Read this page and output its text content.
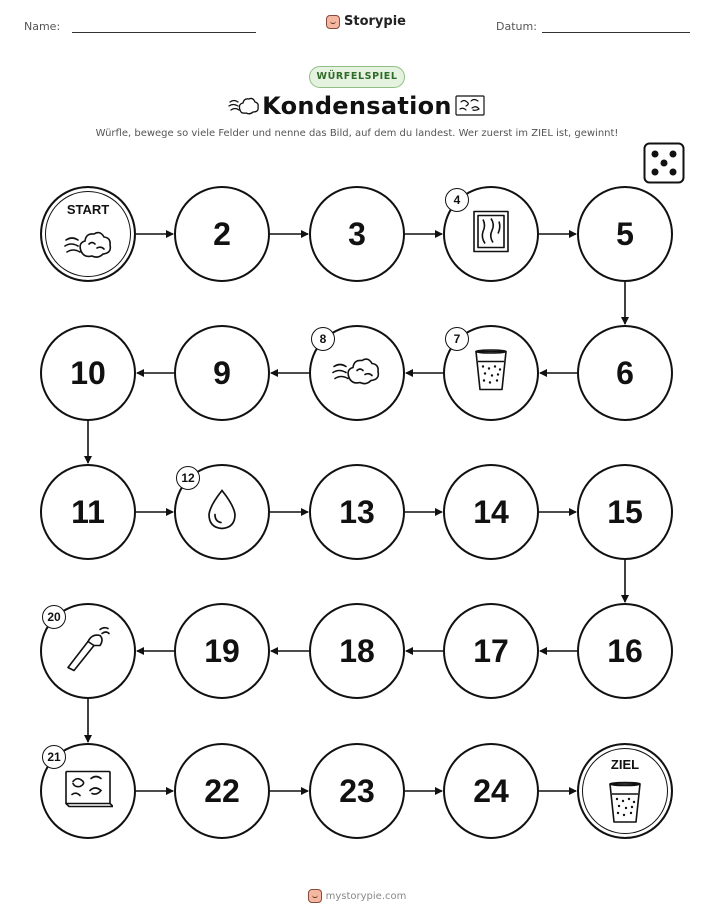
Name:	Storypie	Datum:
WÜRFELSPIEL
Kondensation
Würfle, bewege so viele Felder und nenne das Bild, auf dem du landest. Wer zuerst im ZIEL ist, gewinnt!
START
2	3
4
5
6
7
8
9
10
11
12
13	14	15
16
17
18
19
20
21
22	23	24
ZIEL
mystorypie.com
